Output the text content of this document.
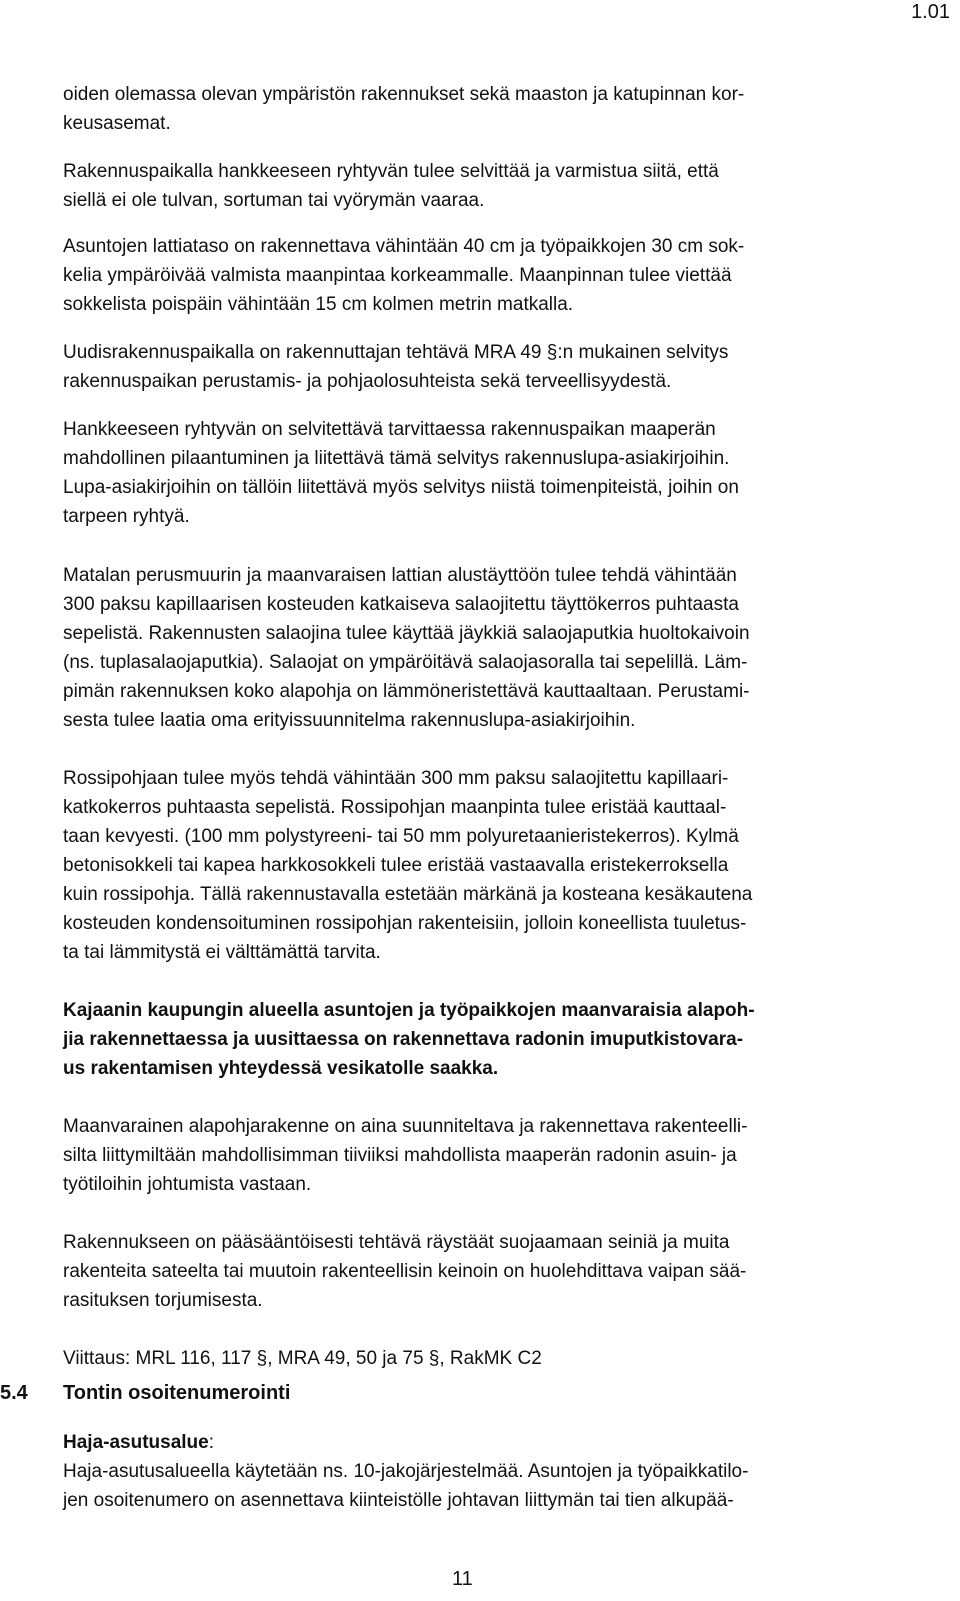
1.01

oiden olemassa olevan ympäristön rakennukset sekä maaston ja katupinnan kor-
keusasemat.

Rakennuspaikalla hankkeeseen ryhtyvän tulee selvittää ja varmistua siitä, että
siellä ei ole tulvan, sortuman tai vyörymän vaaraa.

Asuntojen lattiataso on rakennettava vähintään 40 cm ja työpaikkojen 30 cm sok-
kelia ympäröivää valmista maanpintaa korkeammalle. Maanpinnan tulee viettää
sokkelista poispäin vähintään 15 cm kolmen metrin matkalla.

Uudisrakennuspaikalla on rakennuttajan tehtävä MRA 49 §:n mukainen selvitys
rakennuspaikan perustamis- ja pohjaolosuhteista sekä terveellisyydestä.

Hankkeeseen ryhtyvän on selvitettävä tarvittaessa rakennuspaikan maaperän
mahdollinen pilaantuminen ja liitettävä tämä selvitys rakennuslupa-asiakirjoihin.
Lupa-asiakirjoihin on tällöin liitettävä myös selvitys niistä toimenpiteistä, joihin on
tarpeen ryhtyä.

Matalan perusmuurin ja maanvaraisen lattian alustäyttöön tulee tehdä vähintään
300 paksu kapillaarisen kosteuden katkaiseva salaojitettu täyttökerros puhtaasta
sepelistä. Rakennusten salaojina tulee käyttää jäykkiä salaojaputkia huoltokaivoin
(ns. tuplasalaojaputkia). Salaojat on ympäröitävä salaojasoralla tai sepelillä. Läm-
pimän rakennuksen koko alapohja on lämmöneristettävä kauttaaltaan. Perustami-
sesta tulee laatia oma erityissuunnitelma rakennuslupa-asiakirjoihin.

Rossipohjaan tulee myös tehdä vähintään 300 mm paksu salaojitettu kapillaari-
katkokerros puhtaasta sepelistä. Rossipohjan maanpinta tulee eristää kauttaal-
taan kevyesti. (100 mm polystyreeni- tai 50 mm polyuretaanieristekerros). Kylmä
betonisokkeli tai kapea harkkosokkeli tulee eristää vastaavalla eristekerroksella
kuin rossipohja. Tällä rakennustavalla estetään märkänä ja kosteana kesäkautena
kosteuden kondensoituminen rossipohjan rakenteisiin, jolloin koneellista tuuletus-
ta tai lämmitystä ei välttämättä tarvita.

Kajaanin kaupungin alueella asuntojen ja työpaikkojen maanvaraisia alapoh-
jia rakennettaessa ja uusittaessa on rakennettava radonin imuputkistovara-
us rakentamisen yhteydessä vesikatolle saakka.

Maanvarainen alapohjarakenne on aina suunniteltava ja rakennettava rakenteelli-
silta liittymiltään mahdollisimman tiiviiksi mahdollista maaperän radonin asuin- ja
työtiloihin johtumista vastaan.

Rakennukseen on pääsääntöisesti tehtävä räystäät suojaamaan seiniä ja muita
rakenteita sateelta tai muutoin rakenteellisin keinoin on huolehdittava vaipan sää-
rasituksen torjumisesta.

Viittaus: MRL 116, 117 §, MRA 49, 50 ja 75 §, RakMK C2

5.4 Tontin osoitenumerointi

Haja-asutusalue:

Haja-asutusalueella käytetään ns. 10-jakojärjestelmää. Asuntojen ja työpaikkatilo-
jen osoitenumero on asennettava kiinteistölle johtavan liittymän tai tien alkupää-

11
